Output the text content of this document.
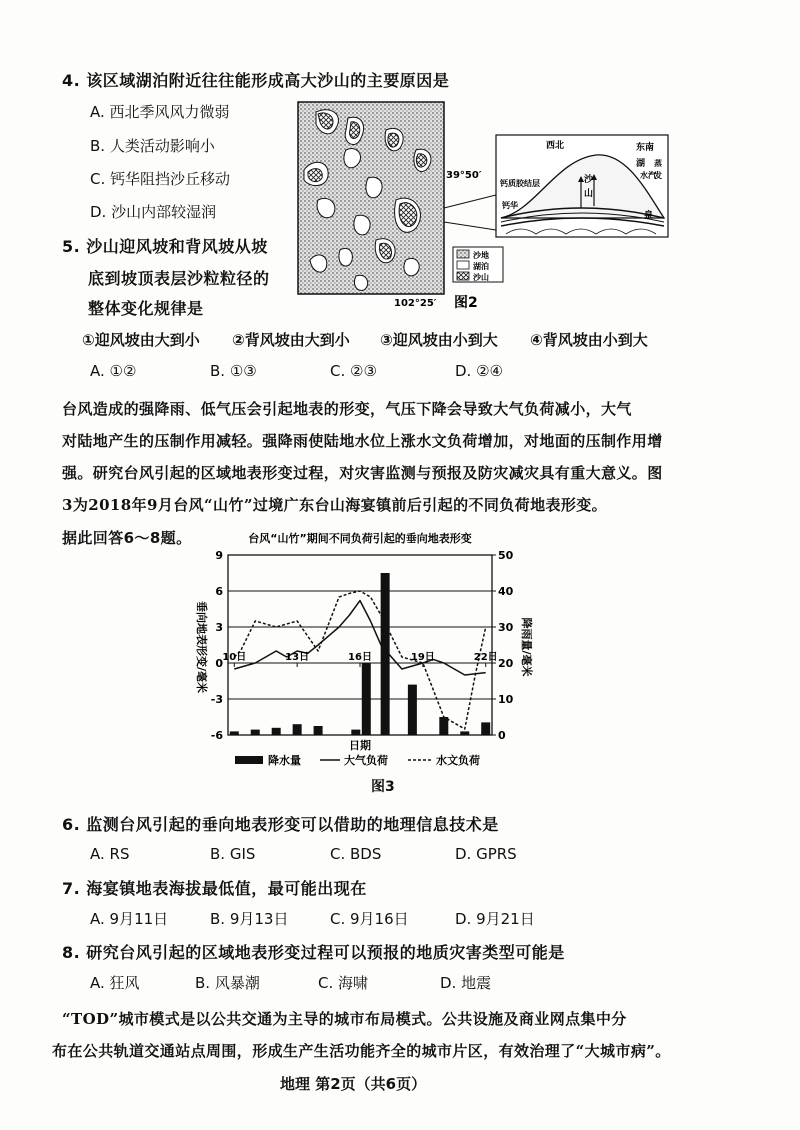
4. 该区域湖泊附近往往能形成高大沙山的主要原因是
A. 西北季风风力微弱
B. 人类活动影响小
C. 钙华阻挡沙丘移动
D. 沙山内部较湿润
5. 沙山迎风坡和背风坡从坡
底到坡顶表层沙粒粒径的
整体变化规律是
①迎风坡由大到小 ②背风坡由大到小 ③迎风坡由小到大 ④背风坡由小到大
A. ①②	B. ①③	C. ②③	D. ②④
39°50′
102°25′
西北	东南
钙质胶结层	沙
山
湖
水汽
蒸
发
钙华
泉
沙地
湖泊
沙山
图2
台风造成的强降雨、低气压会引起地表的形变，气压下降会导致大气负荷减小，大气
对陆地产生的压制作用减轻。强降雨使陆地水位上涨水文负荷增加，对地面的压制作用增
强。研究台风引起的区域地表形变过程，对灾害监测与预报及防灾减灾具有重大意义。图
3为2018年9月台风“山竹”过境广东台山海宴镇前后引起的不同负荷地表形变。
据此回答6～8题。	台风“山竹”期间不同负荷引起的垂向地表形变
-6
-3
0
3
6
9
0
10
20
30
40
50
10日	13日	16日	19日	22日
日期
垂向地表形变/毫米	降雨量/毫米
降水量	大气负荷	水文负荷
图3
6. 监测台风引起的垂向地表形变可以借助的地理信息技术是
A. RS	B. GIS	C. BDS	D. GPRS
7. 海宴镇地表海拔最低值，最可能出现在
A. 9月11日	B. 9月13日	C. 9月16日	D. 9月21日
8. 研究台风引起的区域地表形变过程可以预报的地质灾害类型可能是
A. 狂风	B. 风暴潮	C. 海啸	D. 地震
“TOD”城市模式是以公共交通为主导的城市布局模式。公共设施及商业网点集中分
布在公共轨道交通站点周围，形成生产生活功能齐全的城市片区，有效治理了“大城市病”。
地理 第2页（共6页）
